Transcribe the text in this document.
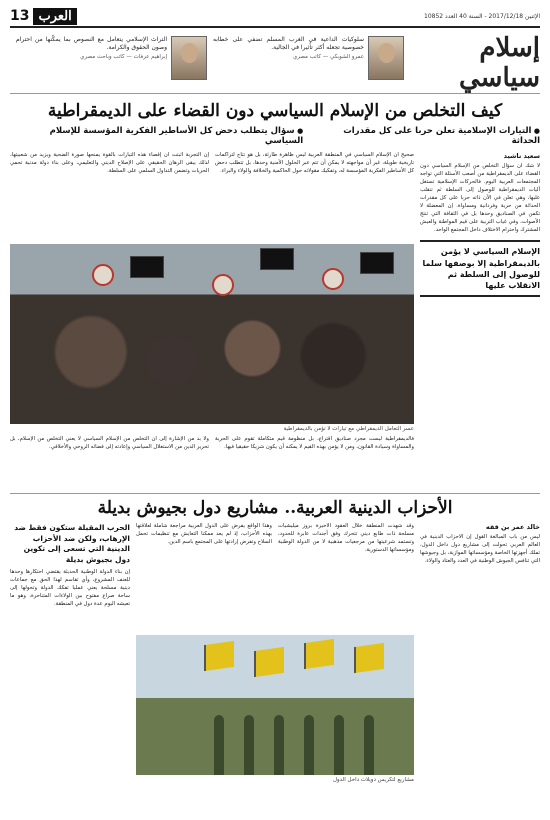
13 العرب	الإثنين 2017/12/18 - السنة 40 العدد 10852
إسلام سياسي

سلوكيات الداعية في الغرب المسلم تضفي على خطابه خصوصية تجعله أكثر تأثيرا في الجالية.

عمرو الشوبكي — كاتب مصري

التراث الإسلامي يتعامل مع النصوص بما يمكّنها من احترام وصون الحقوق والكرامة.

إبراهيم عرفات — كاتب وباحث مصري
كيف التخلص من الإسلام السياسي دون القضاء على الديمقراطية
● التيارات الإسلامية تعلن حربا على كل مقدرات الحداثة
● سؤال يتطلب دحض كل الأساطير الفكرية المؤسسة للإسلام السياسي
سعيد ناشيد
لا شك أن سؤال التخلص من الإسلام السياسي دون القضاء على الديمقراطية من أصعب الأسئلة التي تواجه المجتمعات العربية اليوم. فالحركات الإسلامية تستغل آليات الديمقراطية للوصول إلى السلطة ثم تنقلب عليها، وهي تعلن في الآن ذاته حربا على كل مقدرات الحداثة من حرية وفردانية ومساواة. إن المعضلة لا تكمن في الصناديق وحدها بل في الثقافة التي تنتج الأصوات، وفي غياب التربية على قيم المواطنة والعيش المشترك واحترام الاختلاف داخل المجتمع الواحد.

الإسلام السياسي لا يؤمن بالديمقراطية إلا بوصفها سلما للوصول إلى السلطة ثم الانقلاب عليها

صحيح أن الإسلام السياسي في المنطقة العربية ليس ظاهرة طارئة، بل هو نتاج لتراكمات تاريخية طويلة، غير أن مواجهته لا يمكن أن تتم عبر الحلول الأمنية وحدها، بل تتطلب دحض كل الأساطير الفكرية المؤسسة له، وتفكيك مقولاته حول الحاكمية والخلافة والولاء والبراء.
إن التجربة أثبتت أن إقصاء هذه التيارات بالقوة يمنحها صورة الضحية ويزيد من شعبيتها، لذلك يبقى الرهان الحقيقي على الإصلاح الديني والتعليمي، وعلى بناء دولة مدنية تحمي الحريات وتضمن التداول السلمي على السلطة.
عسر التعامل الديمقراطي مع تيارات لا تؤمن بالديمقراطية
فالديمقراطية ليست مجرد صناديق اقتراع، بل منظومة قيم متكاملة تقوم على الحرية والمساواة وسيادة القانون، ومن لا يؤمن بهذه القيم لا يمكنه أن يكون شريكا حقيقيا فيها.
ولا بد من الإشارة إلى أن التخلص من الإسلام السياسي لا يعني التخلص من الإسلام، بل تحرير الدين من الاستغلال السياسي وإعادته إلى فضائه الروحي والأخلاقي.
الأحزاب الدينية العربية.. مشاريع دول بجيوش بديلة
خالد عمر بن ققه
ليس من باب المبالغة القول إن الأحزاب الدينية في العالم العربي تحولت إلى مشاريع دول داخل الدول، تملك أجهزتها الخاصة ومؤسساتها الموازية، بل وجيوشها التي تنافس الجيوش الوطنية في العدد والعتاد والولاء.
وقد شهدت المنطقة خلال العقود الأخيرة بروز ميليشيات مسلحة ذات طابع ديني تتحرك وفق أجندات عابرة للحدود، وتستمد شرعيتها من مرجعيات مذهبية لا من الدولة الوطنية ومؤسساتها الدستورية.
وهذا الواقع يفرض على الدول العربية مراجعة شاملة لعلاقتها بهذه الأحزاب، إذ لم يعد ممكنا التعايش مع تنظيمات تحمل السلاح وتفرض إرادتها على المجتمع باسم الدين.
مشاريع لتكريس دويلات داخل الدول
الحرب المقبلة ستكون فقط ضد الإرهاب، ولكن ضد الأحزاب الدينية التي تسعى إلى تكوين دول بجيوش بديلة
إن بناء الدولة الوطنية الحديثة يقتضي احتكارها وحدها للعنف المشروع، وأي تقاسم لهذا الحق مع جماعات دينية مسلحة يعني عمليا تفكك الدولة وتحولها إلى ساحة صراع مفتوح بين الولاءات المتناحرة، وهو ما تعيشه اليوم عدة دول في المنطقة.
